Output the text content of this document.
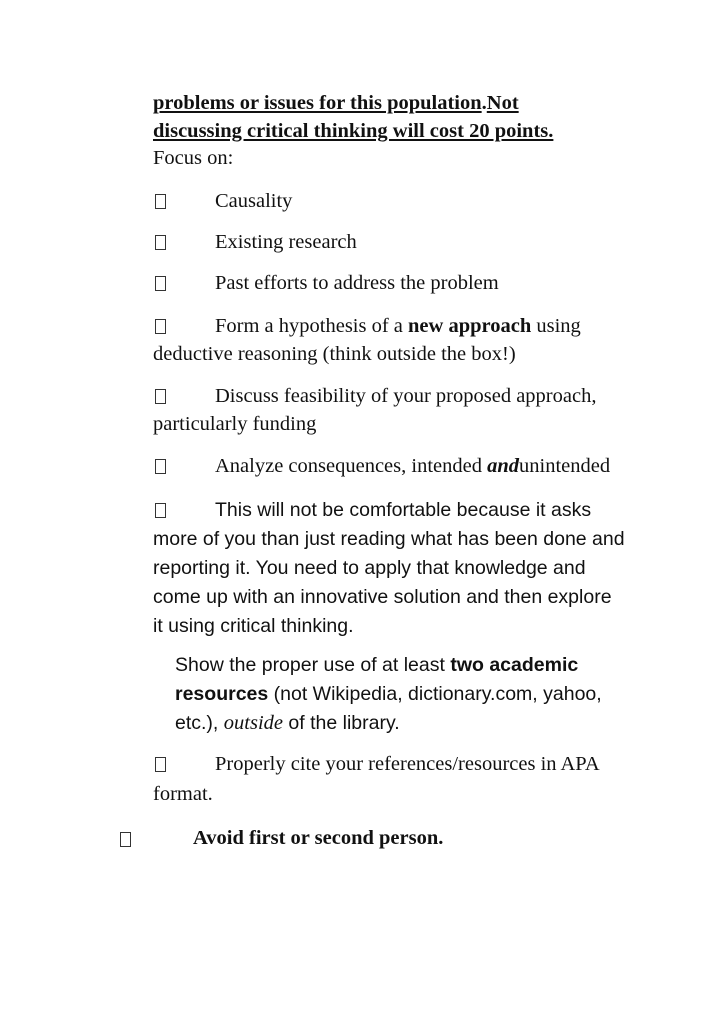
problems or issues for this population.Not
discussing critical thinking will cost 20 points.
Focus on:
Causality
Existing research
Past efforts to address the problem
Form a hypothesis of a new approach using
deductive reasoning (think outside the box!)
Discuss feasibility of your proposed approach,
particularly funding
Analyze consequences, intended andunintended
This will not be comfortable because it asks
more of you than just reading what has been done and
reporting it. You need to apply that knowledge and
come up with an innovative solution and then explore
it using critical thinking.
Show the proper use of at least two academic
resources (not Wikipedia, dictionary.com, yahoo,
etc.), outside of the library.
Properly cite your references/resources in APA
format.
Avoid first or second person.
